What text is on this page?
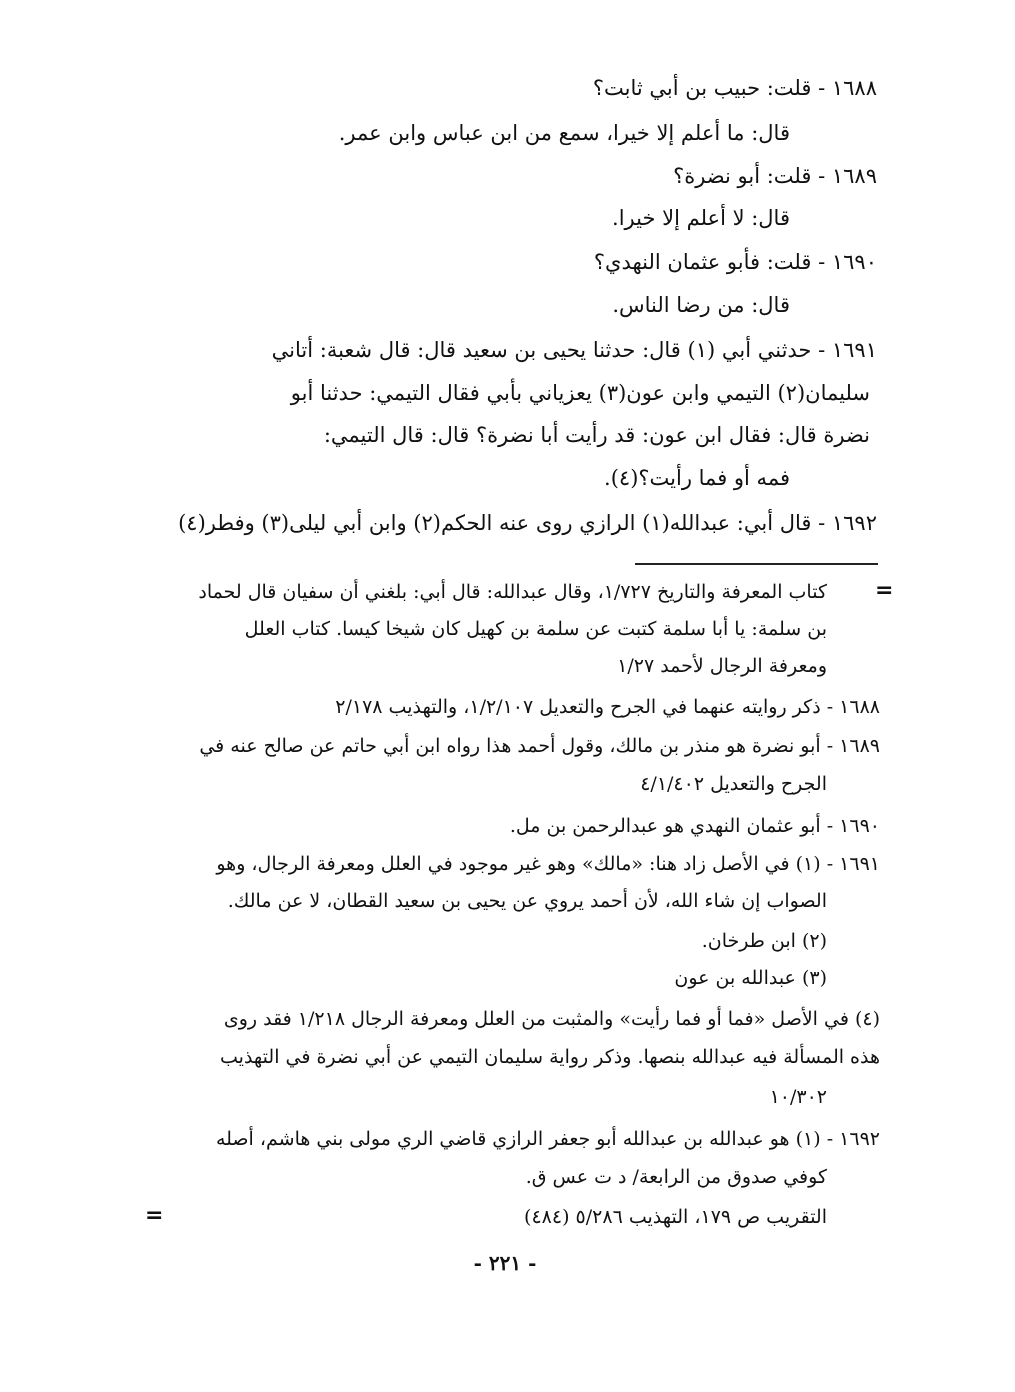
١٦٨٨ - قلت: حبيب بن أبي ثابت؟
قال: ما أعلم إلا خيرا، سمع من ابن عباس وابن عمر.
١٦٨٩ - قلت: أبو نضرة؟
قال: لا أعلم إلا خيرا.
١٦٩٠ - قلت: فأبو عثمان النهدي؟
قال: من رضا الناس.
١٦٩١ - حدثني أبي (١) قال: حدثنا يحيى بن سعيد قال: قال شعبة: أتاني
سليمان(٢) التيمي وابن عون(٣) يعزياني بأبي فقال التيمي: حدثنا أبو
نضرة قال: فقال ابن عون: قد رأيت أبا نضرة؟ قال: قال التيمي:
فمه أو فما رأيت؟(٤).
١٦٩٢ - قال أبي: عبدالله(١) الرازي روى عنه الحكم(٢) وابن أبي ليلى(٣) وفطر(٤)
=
كتاب المعرفة والتاريخ ١/٧٢٧، وقال عبدالله: قال أبي: بلغني أن سفيان قال لحماد
بن سلمة: يا أبا سلمة كتبت عن سلمة بن كهيل كان شيخا كيسا. كتاب العلل
ومعرفة الرجال لأحمد ١/٢٧
١٦٨٨ - ذكر روايته عنهما في الجرح والتعديل ١/٢/١٠٧، والتهذيب ٢/١٧٨
١٦٨٩ - أبو نضرة هو منذر بن مالك، وقول أحمد هذا رواه ابن أبي حاتم عن صالح عنه في
الجرح والتعديل ٤/١/٤٠٢
١٦٩٠ - أبو عثمان النهدي هو عبدالرحمن بن مل.
١٦٩١ - (١) في الأصل زاد هنا: «مالك» وهو غير موجود في العلل ومعرفة الرجال، وهو
الصواب إن شاء الله، لأن أحمد يروي عن يحيى بن سعيد القطان، لا عن مالك.
(٢) ابن طرخان.
(٣) عبدالله بن عون
(٤) في الأصل «فما أو فما رأيت» والمثبت من العلل ومعرفة الرجال ١/٢١٨ فقد روى
هذه المسألة فيه عبدالله بنصها. وذكر رواية سليمان التيمي عن أبي نضرة في التهذيب
١٠/٣٠٢
١٦٩٢ - (١) هو عبدالله بن عبدالله أبو جعفر الرازي قاضي الري مولى بني هاشم، أصله
كوفي صدوق من الرابعة/ د ت عس ق.
التقريب ص ١٧٩، التهذيب ٥/٢٨٦ (٤٨٤)
=
- ٢٢١ -
